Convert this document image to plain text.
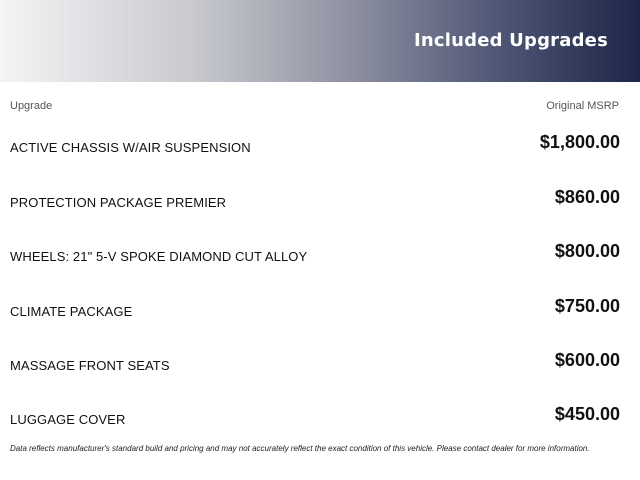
Included Upgrades
Upgrade	Original MSRP
ACTIVE CHASSIS W/AIR SUSPENSION	$1,800.00
PROTECTION PACKAGE PREMIER	$860.00
WHEELS: 21" 5-V SPOKE DIAMOND CUT ALLOY	$800.00
CLIMATE PACKAGE	$750.00
MASSAGE FRONT SEATS	$600.00
LUGGAGE COVER	$450.00
Data reflects manufacturer's standard build and pricing and may not accurately reflect the exact condition of this vehicle. Please contact dealer for more information.
